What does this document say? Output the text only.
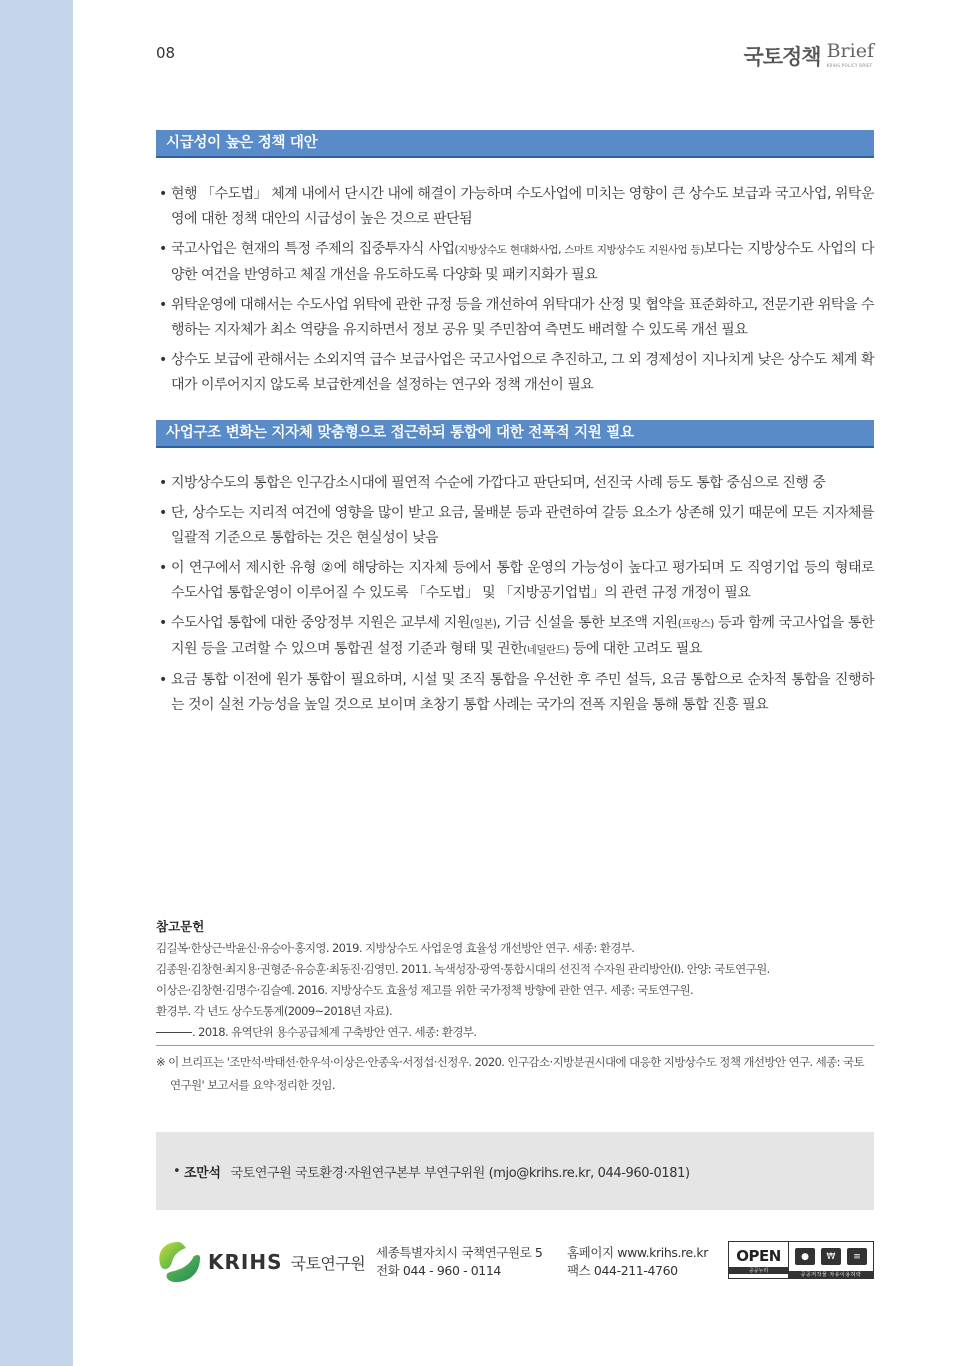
08	국토정책 Brief
KRIHS POLICY BRIEF
시급성이 높은 정책 대안
• 현행 「수도법」 체계 내에서 단시간 내에 해결이 가능하며 수도사업에 미치는 영향이 큰 상수도 보급과 국고사업, 위탁운영에 대한 정책 대안의 시급성이 높은 것으로 판단됨
• 국고사업은 현재의 특정 주제의 집중투자식 사업(지방상수도 현대화사업, 스마트 지방상수도 지원사업 등)보다는 지방상수도 사업의 다양한 여건을 반영하고 체질 개선을 유도하도록 다양화 및 패키지화가 필요
• 위탁운영에 대해서는 수도사업 위탁에 관한 규정 등을 개선하여 위탁대가 산정 및 협약을 표준화하고, 전문기관 위탁을 수행하는 지자체가 최소 역량을 유지하면서 정보 공유 및 주민참여 측면도 배려할 수 있도록 개선 필요
• 상수도 보급에 관해서는 소외지역 급수 보급사업은 국고사업으로 추진하고, 그 외 경제성이 지나치게 낮은 상수도 체계 확대가 이루어지지 않도록 보급한계선을 설정하는 연구와 정책 개선이 필요
사업구조 변화는 지자체 맞춤형으로 접근하되 통합에 대한 전폭적 지원 필요
• 지방상수도의 통합은 인구감소시대에 필연적 수순에 가깝다고 판단되며, 선진국 사례 등도 통합 중심으로 진행 중
• 단, 상수도는 지리적 여건에 영향을 많이 받고 요금, 물배분 등과 관련하여 갈등 요소가 상존해 있기 때문에 모든 지자체를 일괄적 기준으로 통합하는 것은 현실성이 낮음
• 이 연구에서 제시한 유형 ②에 해당하는 지자체 등에서 통합 운영의 가능성이 높다고 평가되며 도 직영기업 등의 형태로 수도사업 통합운영이 이루어질 수 있도록 「수도법」 및 「지방공기업법」의 관련 규정 개정이 필요
• 수도사업 통합에 대한 중앙정부 지원은 교부세 지원(일본), 기금 신설을 통한 보조액 지원(프랑스) 등과 함께 국고사업을 통한 지원 등을 고려할 수 있으며 통합권 설정 기준과 형태 및 권한(네덜란드) 등에 대한 고려도 필요
• 요금 통합 이전에 원가 통합이 필요하며, 시설 및 조직 통합을 우선한 후 주민 설득, 요금 통합으로 순차적 통합을 진행하는 것이 실천 가능성을 높일 것으로 보이며 초창기 통합 사례는 국가의 전폭 지원을 통해 통합 진흥 필요
참고문헌
김길복·한상근·박윤신·유승아·홍지영. 2019. 지방상수도 사업운영 효율성 개선방안 연구. 세종: 환경부.
김종원·김창현·최지용·권형준·유승훈·최동진·김영민. 2011. 녹색성장·광역·통합시대의 선진적 수자원 관리방안(I). 안양: 국토연구원.
이상은·김창현·김명수·김슬예. 2016. 지방상수도 효율성 제고를 위한 국가정책 방향에 관한 연구. 세종: 국토연구원.
환경부. 각 년도 상수도통계(2009~2018년 자료).
. 2018. 유역단위 용수공급체계 구축방안 연구. 세종: 환경부.
※ 이 브리프는 '조만석·박태선·한우석·이상은·안종욱·서정섭·신정우. 2020. 인구감소·지방분권시대에 대응한 지방상수도 정책 개선방안 연구. 세종: 국토연구원' 보고서를 요약·정리한 것임.
• 조만석 국토연구원 국토환경·자원연구본부 부연구위원 (mjo@krihs.re.kr, 044-960-0181)
KRIHS 국토연구원
세종특별자치시 국책연구원로 5
전화 044 - 960 - 0114
홈페이지 www.krihs.re.kr
팩스 044-211-4760
OPEN
공공누리
●	₩	≡
공공저작물 자유이용허락
